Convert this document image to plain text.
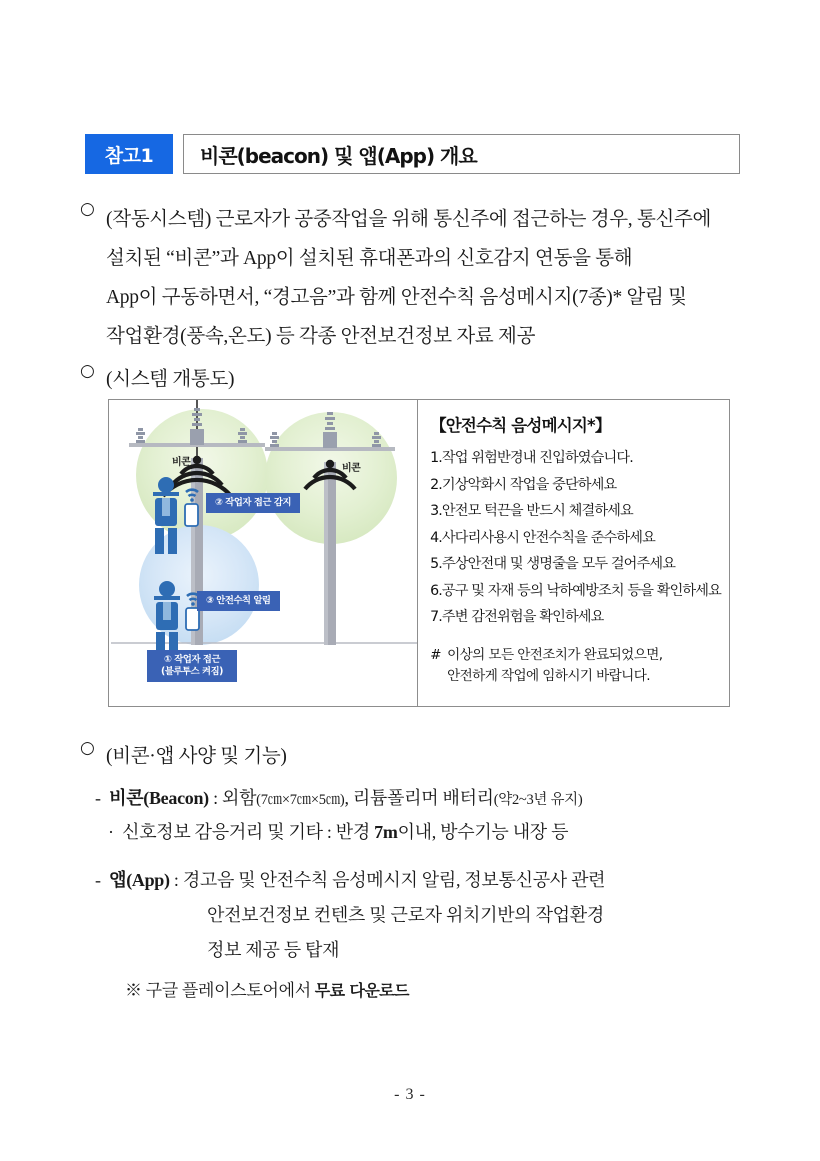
참고1	비콘(beacon) 및 앱(App) 개요
○ (작동시스템) 근로자가 공중작업을 위해 통신주에 접근하는 경우, 통신주에
설치된 “비콘”과 App이 설치된 휴대폰과의 신호감지 연동을 통해
App이 구동하면서, “경고음”과 함께 안전수칙 음성메시지(7종)* 알림 및
작업환경(풍속,온도) 등 각종 안전보건정보 자료 제공
○ (시스템 개통도)
비콘
비콘
② 작업자 접근 감지
③ 안전수칙 알림
① 작업자 접근
(블루투스 켜짐)
【안전수칙 음성메시지*】
1.작업 위험반경내 진입하였습니다.
2.기상악화시 작업을 중단하세요
3.안전모 턱끈을 반드시 체결하세요
4.사다리사용시 안전수칙을 준수하세요
5.주상안전대 및 생명줄을 모두 걸어주세요
6.공구 및 자재 등의 낙하예방조치 등을 확인하세요
7.주변 감전위험을 확인하세요
# 이상의 모든 안전조치가 완료되었으면,
안전하게 작업에 임하시기 바랍니다.
○ (비콘·앱 사양 및 기능)
- 비콘(Beacon) : 외함(7㎝×7㎝×5㎝), 리튬폴리머 배터리(약2~3년 유지)
· 신호정보 감응거리 및 기타 : 반경 7m이내, 방수기능 내장 등
- 앱(App) : 경고음 및 안전수칙 음성메시지 알림, 정보통신공사 관련
안전보건정보 컨텐츠 및 근로자 위치기반의 작업환경
정보 제공 등 탑재
※ 구글 플레이스토어에서 무료 다운로드
- 3 -
